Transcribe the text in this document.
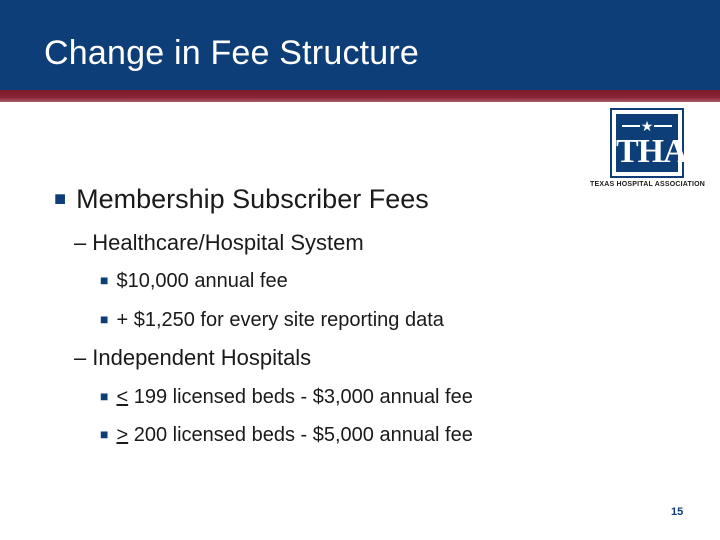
Change in Fee Structure
★
THA
TEXAS HOSPITAL ASSOCIATION
■ Membership Subscriber Fees
– Healthcare/Hospital System
■ $10,000 annual fee
■ + $1,250 for every site reporting data
– Independent Hospitals
■ < 199 licensed beds - $3,000 annual fee
■ > 200 licensed beds - $5,000 annual fee
15
